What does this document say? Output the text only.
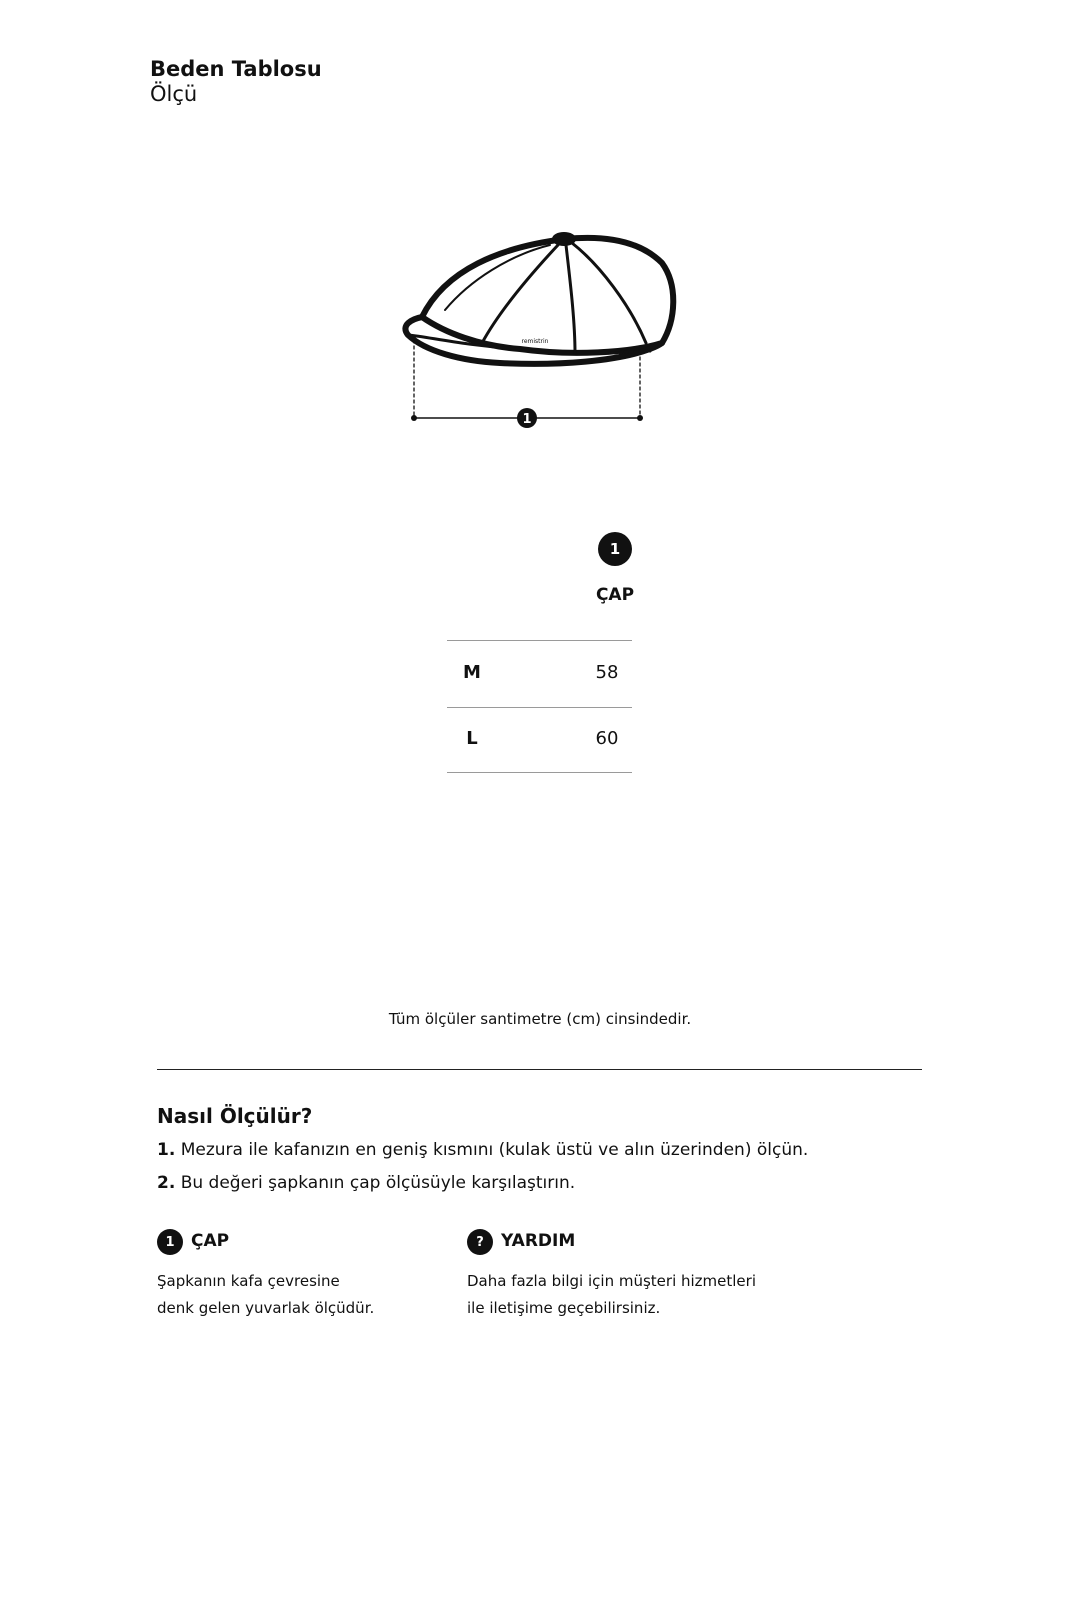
Beden Tablosu
Ölçü
1
remistrin
1
ÇAP
M	58
L	60
Tüm ölçüler santimetre (cm) cinsindedir.
Nasıl Ölçülür?
1. Mezura ile kafanızın en geniş kısmını (kulak üstü ve alın üzerinden) ölçün.
2. Bu değeri şapkanın çap ölçüsüyle karşılaştırın.
1 ÇAP
Şapkanın kafa çevresine
denk gelen yuvarlak ölçüdür.
? YARDIM
Daha fazla bilgi için müşteri hizmetleri
ile iletişime geçebilirsiniz.
